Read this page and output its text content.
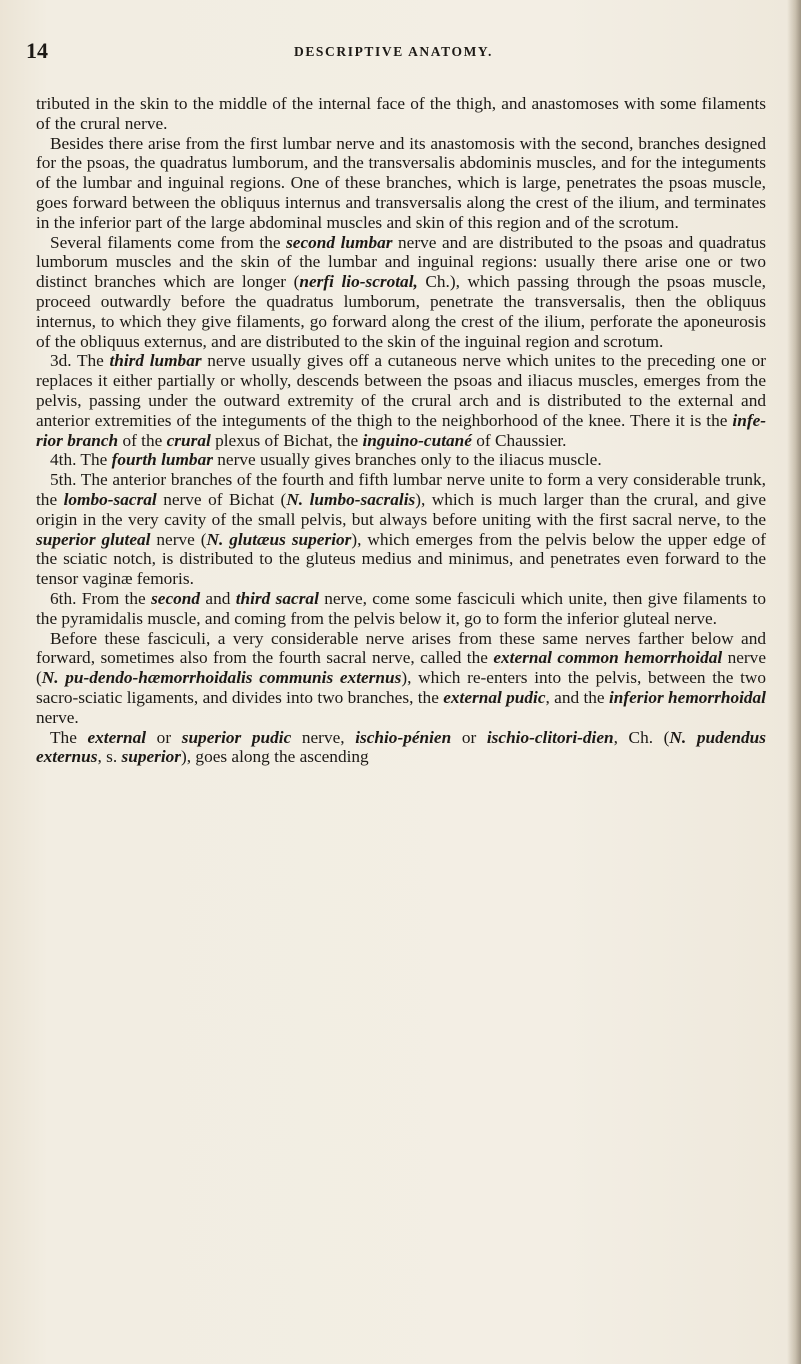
14	DESCRIPTIVE ANATOMY.

tributed in the skin to the middle of the internal face of the thigh, and anastomoses with some filaments of the crural nerve.

Besides there arise from the first lumbar nerve and its anastomosis with the second, branches designed for the psoas, the quadratus lumborum, and the transversalis abdominis muscles, and for the integuments of the lumbar and inguinal regions. One of these branches, which is large, penetrates the psoas muscle, goes forward between the obliquus internus and transversalis along the crest of the ilium, and terminates in the inferior part of the large abdominal muscles and skin of this region and of the scrotum.

Several filaments come from the second lumbar nerve and are distributed to the psoas and quadratus lumborum muscles and the skin of the lumbar and inguinal regions: usually there arise one or two distinct branches which are longer (nerfi lio-scrotal, Ch.), which passing through the psoas muscle, proceed outwardly before the quadratus lumborum, penetrate the transversalis, then the obliquus internus, to which they give filaments, go forward along the crest of the ilium, perforate the aponeurosis of the obliquus externus, and are distributed to the skin of the inguinal region and scrotum.

3d. The third lumbar nerve usually gives off a cutaneous nerve which unites to the preceding one or replaces it either partially or wholly, descends between the psoas and iliacus muscles, emerges from the pelvis, passing under the outward extremity of the crural arch and is distributed to the external and anterior extremities of the integuments of the thigh to the neighborhood of the knee. There it is the infe-rior branch of the crural plexus of Bichat, the inguino-cutané of Chaussier.

4th. The fourth lumbar nerve usually gives branches only to the iliacus muscle.

5th. The anterior branches of the fourth and fifth lumbar nerve unite to form a very considerable trunk, the lombo-sacral nerve of Bichat (N. lumbo-sacralis), which is much larger than the crural, and give origin in the very cavity of the small pelvis, but always before uniting with the first sacral nerve, to the superior gluteal nerve (N. glutæus superior), which emerges from the pelvis below the upper edge of the sciatic notch, is distributed to the gluteus medius and minimus, and penetrates even forward to the tensor vaginæ femoris.

6th. From the second and third sacral nerve, come some fasciculi which unite, then give filaments to the pyramidalis muscle, and coming from the pelvis below it, go to form the inferior gluteal nerve.

Before these fasciculi, a very considerable nerve arises from these same nerves farther below and forward, sometimes also from the fourth sacral nerve, called the external common hemorrhoidal nerve (N. pu-dendo-hæmorrhoidalis communis externus), which re-enters into the pelvis, between the two sacro-sciatic ligaments, and divides into two branches, the external pudic, and the inferior hemorrhoidal nerve.

The external or superior pudic nerve, ischio-pénien or ischio-clitori-dien, Ch. (N. pudendus externus, s. superior), goes along the ascending
